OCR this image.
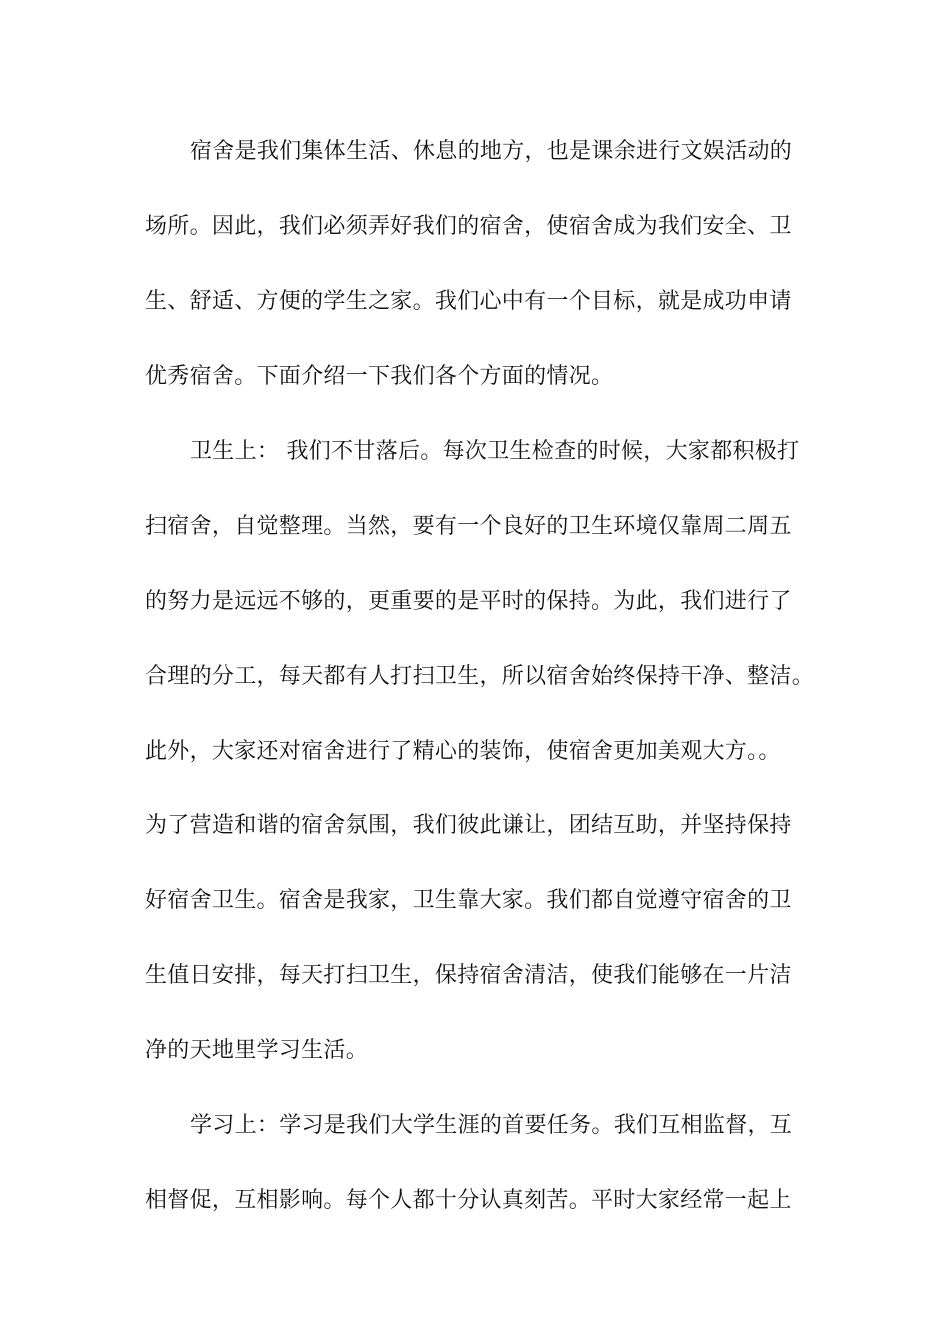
宿舍是我们集体生活、休息的地方，也是课余进行文娱活动的
场所。因此，我们必须弄好我们的宿舍，使宿舍成为我们安全、卫
生、舒适、方便的学生之家。我们心中有一个目标，就是成功申请
优秀宿舍。下面介绍一下我们各个方面的情况。
卫生上： 我们不甘落后。每次卫生检查的时候，大家都积极打
扫宿舍，自觉整理。当然，要有一个良好的卫生环境仅靠周二周五
的努力是远远不够的，更重要的是平时的保持。为此，我们进行了
合理的分工，每天都有人打扫卫生，所以宿舍始终保持干净、整洁。
此外，大家还对宿舍进行了精心的装饰，使宿舍更加美观大方。。
为了营造和谐的宿舍氛围，我们彼此谦让，团结互助，并坚持保持
好宿舍卫生。宿舍是我家，卫生靠大家。我们都自觉遵守宿舍的卫
生值日安排，每天打扫卫生，保持宿舍清洁，使我们能够在一片洁
净的天地里学习生活。
学习上：学习是我们大学生涯的首要任务。我们互相监督，互
相督促，互相影响。每个人都十分认真刻苦。平时大家经常一起上
